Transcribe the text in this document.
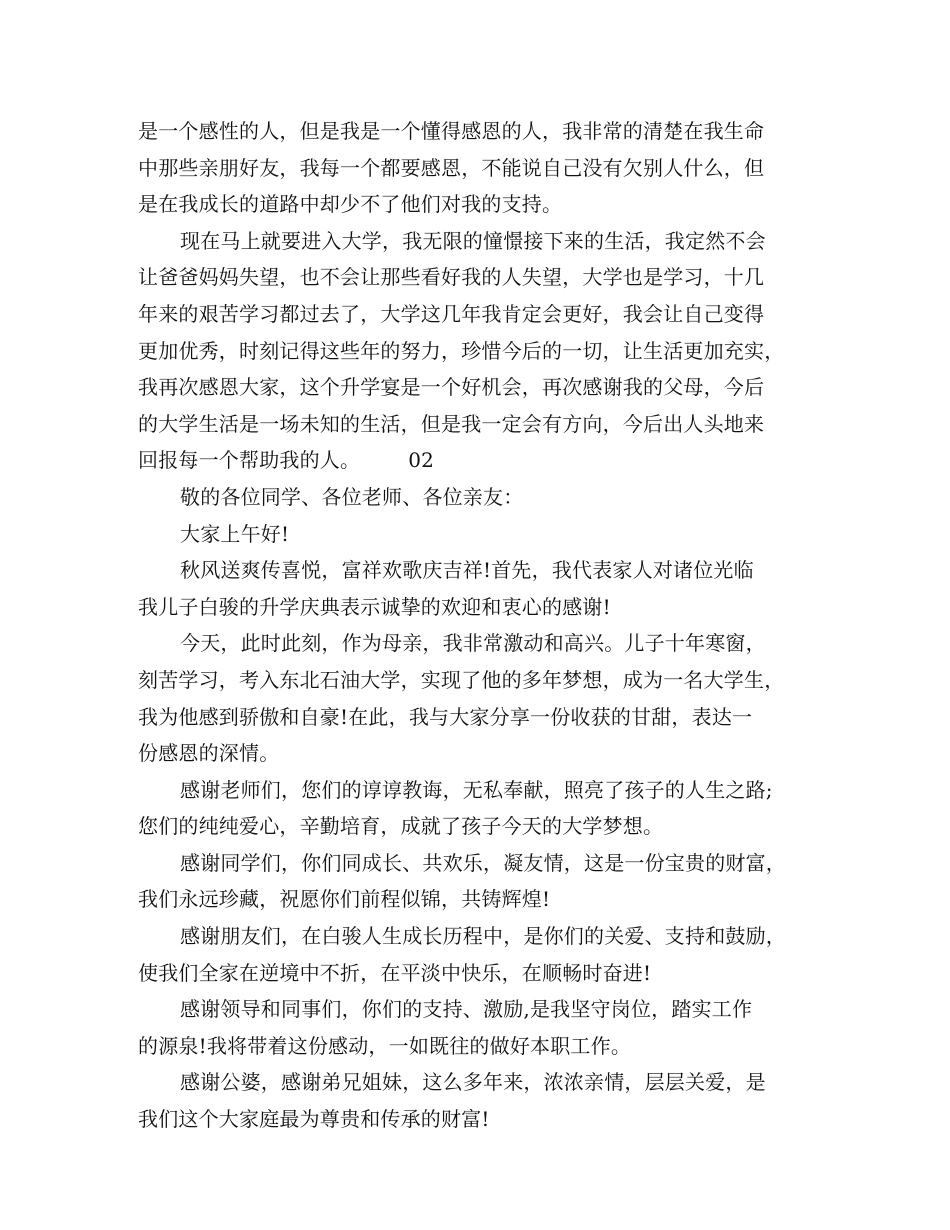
是一个感性的人，但是我是一个懂得感恩的人，我非常的清楚在我生命
中那些亲朋好友，我每一个都要感恩，不能说自己没有欠别人什么，但
是在我成长的道路中却少不了他们对我的支持。
现在马上就要进入大学，我无限的憧憬接下来的生活，我定然不会
让爸爸妈妈失望，也不会让那些看好我的人失望，大学也是学习，十几
年来的艰苦学习都过去了，大学这几年我肯定会更好，我会让自己变得
更加优秀，时刻记得这些年的努力，珍惜今后的一切，让生活更加充实，
我再次感恩大家，这个升学宴是一个好机会，再次感谢我的父母，今后
的大学生活是一场未知的生活，但是我一定会有方向，今后出人头地来
回报每一个帮助我的人。 02
敬的各位同学、各位老师、各位亲友：
大家上午好!
秋风送爽传喜悦，富祥欢歌庆吉祥!首先，我代表家人对诸位光临
我儿子白骏的升学庆典表示诚挚的欢迎和衷心的感谢!
今天，此时此刻，作为母亲，我非常激动和高兴。儿子十年寒窗，
刻苦学习，考入东北石油大学，实现了他的多年梦想，成为一名大学生，
我为他感到骄傲和自豪!在此，我与大家分享一份收获的甘甜，表达一
份感恩的深情。
感谢老师们，您们的谆谆教诲，无私奉献，照亮了孩子的人生之路;
您们的纯纯爱心，辛勤培育，成就了孩子今天的大学梦想。
感谢同学们，你们同成长、共欢乐，凝友情，这是一份宝贵的财富，
我们永远珍藏，祝愿你们前程似锦，共铸辉煌!
感谢朋友们，在白骏人生成长历程中，是你们的关爱、支持和鼓励，
使我们全家在逆境中不折，在平淡中快乐，在顺畅时奋进!
感谢领导和同事们，你们的支持、激励,是我坚守岗位，踏实工作
的源泉!我将带着这份感动，一如既往的做好本职工作。
感谢公婆，感谢弟兄姐妹，这么多年来，浓浓亲情，层层关爱，是
我们这个大家庭最为尊贵和传承的财富!
